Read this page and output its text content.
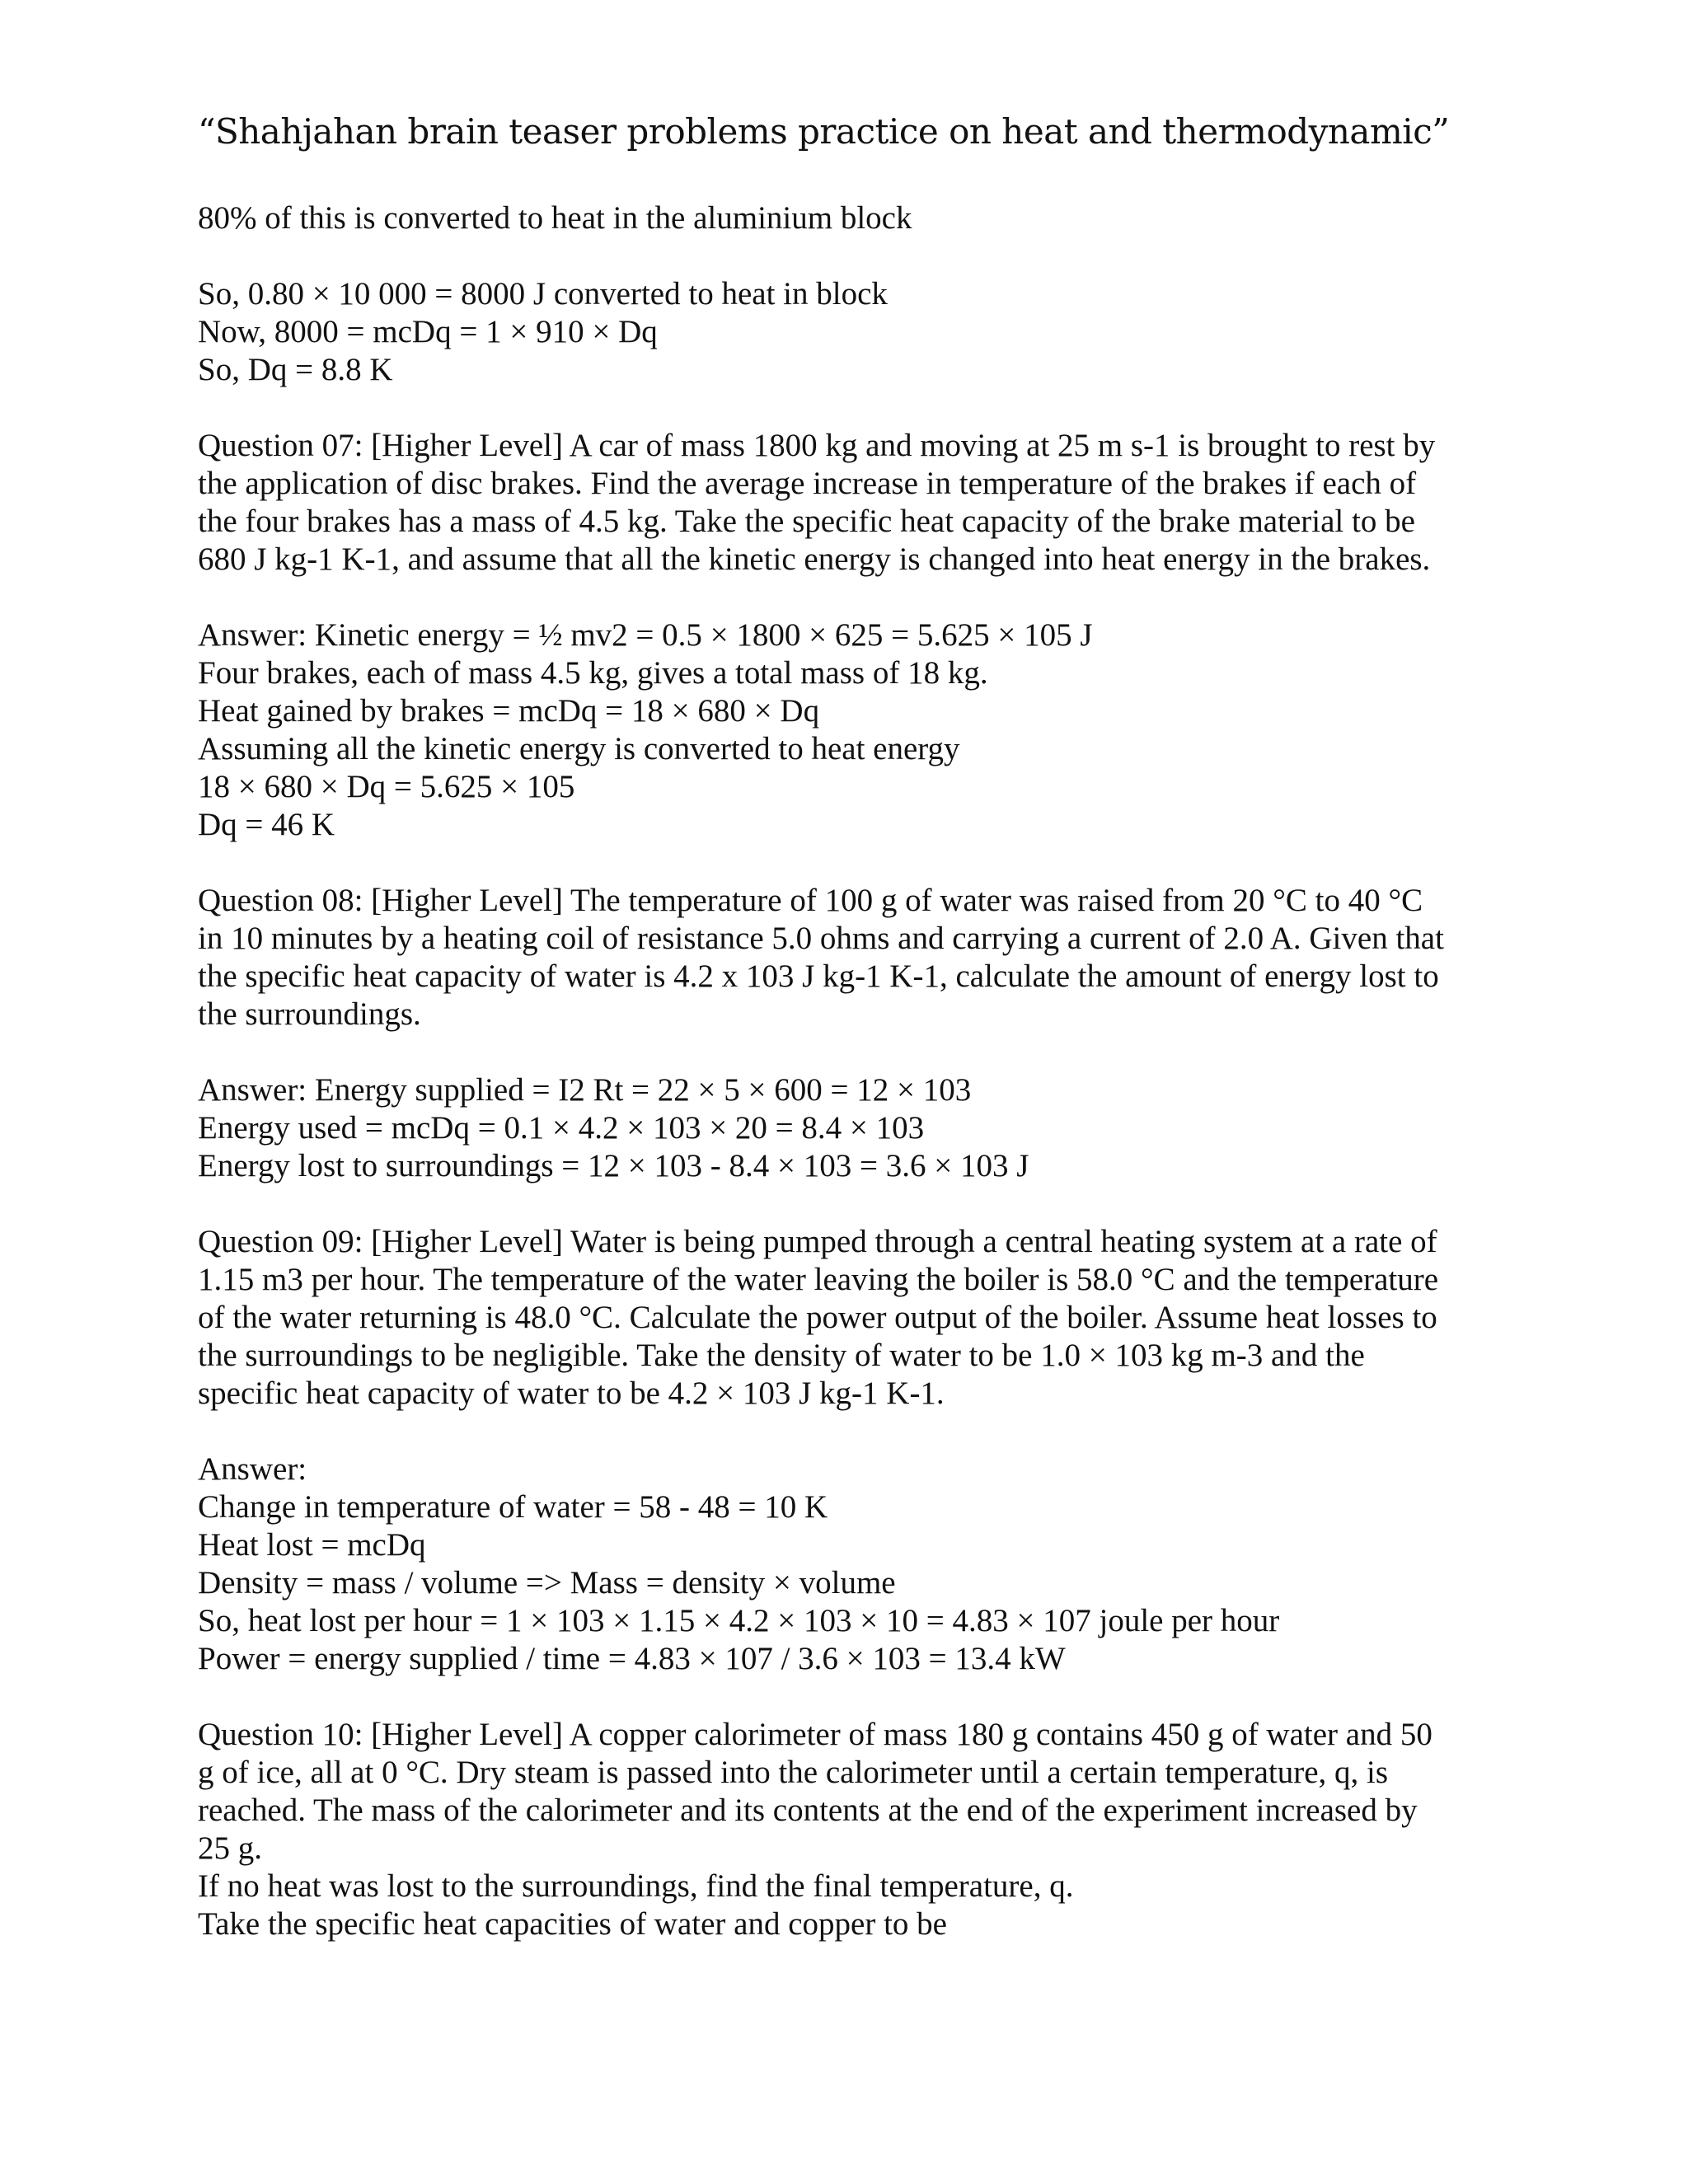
“Shahjahan brain teaser problems practice on heat and thermodynamic”
80% of this is converted to heat in the aluminium block
So, 0.80 × 10 000 = 8000 J converted to heat in block
Now, 8000 = mcDq = 1 × 910 × Dq
So, Dq = 8.8 K
Question 07: [Higher Level] A car of mass 1800 kg and moving at 25 m s-1 is brought to rest by
the application of disc brakes. Find the average increase in temperature of the brakes if each of
the four brakes has a mass of 4.5 kg. Take the specific heat capacity of the brake material to be
680 J kg-1 K-1, and assume that all the kinetic energy is changed into heat energy in the brakes.
Answer: Kinetic energy = ½ mv2 = 0.5 × 1800 × 625 = 5.625 × 105 J
Four brakes, each of mass 4.5 kg, gives a total mass of 18 kg.
Heat gained by brakes = mcDq = 18 × 680 × Dq
Assuming all the kinetic energy is converted to heat energy
18 × 680 × Dq = 5.625 × 105
Dq = 46 K
Question 08: [Higher Level] The temperature of 100 g of water was raised from 20 °C to 40 °C
in 10 minutes by a heating coil of resistance 5.0 ohms and carrying a current of 2.0 A. Given that
the specific heat capacity of water is 4.2 x 103 J kg-1 K-1, calculate the amount of energy lost to
the surroundings.
Answer: Energy supplied = I2 Rt = 22 × 5 × 600 = 12 × 103
Energy used = mcDq = 0.1 × 4.2 × 103 × 20 = 8.4 × 103
Energy lost to surroundings = 12 × 103 - 8.4 × 103 = 3.6 × 103 J
Question 09: [Higher Level] Water is being pumped through a central heating system at a rate of
1.15 m3 per hour. The temperature of the water leaving the boiler is 58.0 °C and the temperature
of the water returning is 48.0 °C. Calculate the power output of the boiler. Assume heat losses to
the surroundings to be negligible. Take the density of water to be 1.0 × 103 kg m-3 and the
specific heat capacity of water to be 4.2 × 103 J kg-1 K-1.
Answer:
Change in temperature of water = 58 - 48 = 10 K
Heat lost = mcDq
Density = mass / volume => Mass = density × volume
So, heat lost per hour = 1 × 103 × 1.15 × 4.2 × 103 × 10 = 4.83 × 107 joule per hour
Power = energy supplied / time = 4.83 × 107 / 3.6 × 103 = 13.4 kW
Question 10: [Higher Level] A copper calorimeter of mass 180 g contains 450 g of water and 50
g of ice, all at 0 °C. Dry steam is passed into the calorimeter until a certain temperature, q, is
reached. The mass of the calorimeter and its contents at the end of the experiment increased by
25 g.
If no heat was lost to the surroundings, find the final temperature, q.
Take the specific heat capacities of water and copper to be
